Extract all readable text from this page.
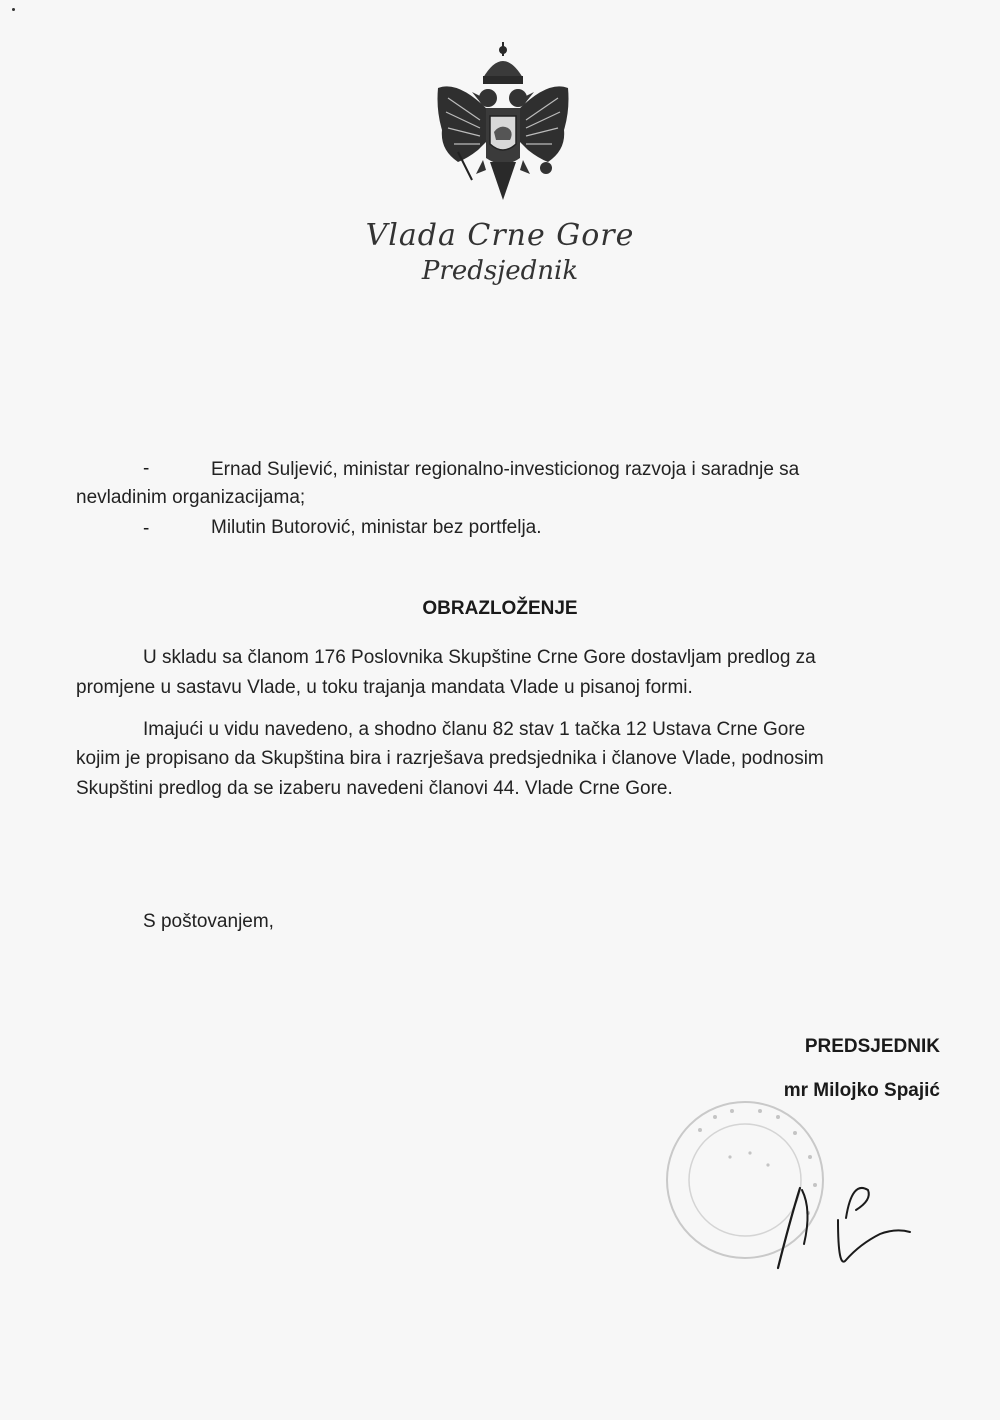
Vlada Crne Gore
Predsjednik
-	Ernad Suljević, ministar regionalno-investicionog razvoja i saradnje sa
nevladinim organizacijama;
-	Milutin Butorović, ministar bez portfelja.
OBRAZLOŽENJE
U skladu sa članom 176 Poslovnika Skupštine Crne Gore dostavljam predlog za
promjene u sastavu Vlade, u toku trajanja mandata Vlade u pisanoj formi.
Imajući u vidu navedeno, a shodno članu 82 stav 1 tačka 12 Ustava Crne Gore
kojim je propisano da Skupština bira i razrješava predsjednika i članove Vlade, podnosim
Skupštini predlog da se izaberu navedeni članovi 44. Vlade Crne Gore.
S poštovanjem,
PREDSJEDNIK
mr Milojko Spajić
